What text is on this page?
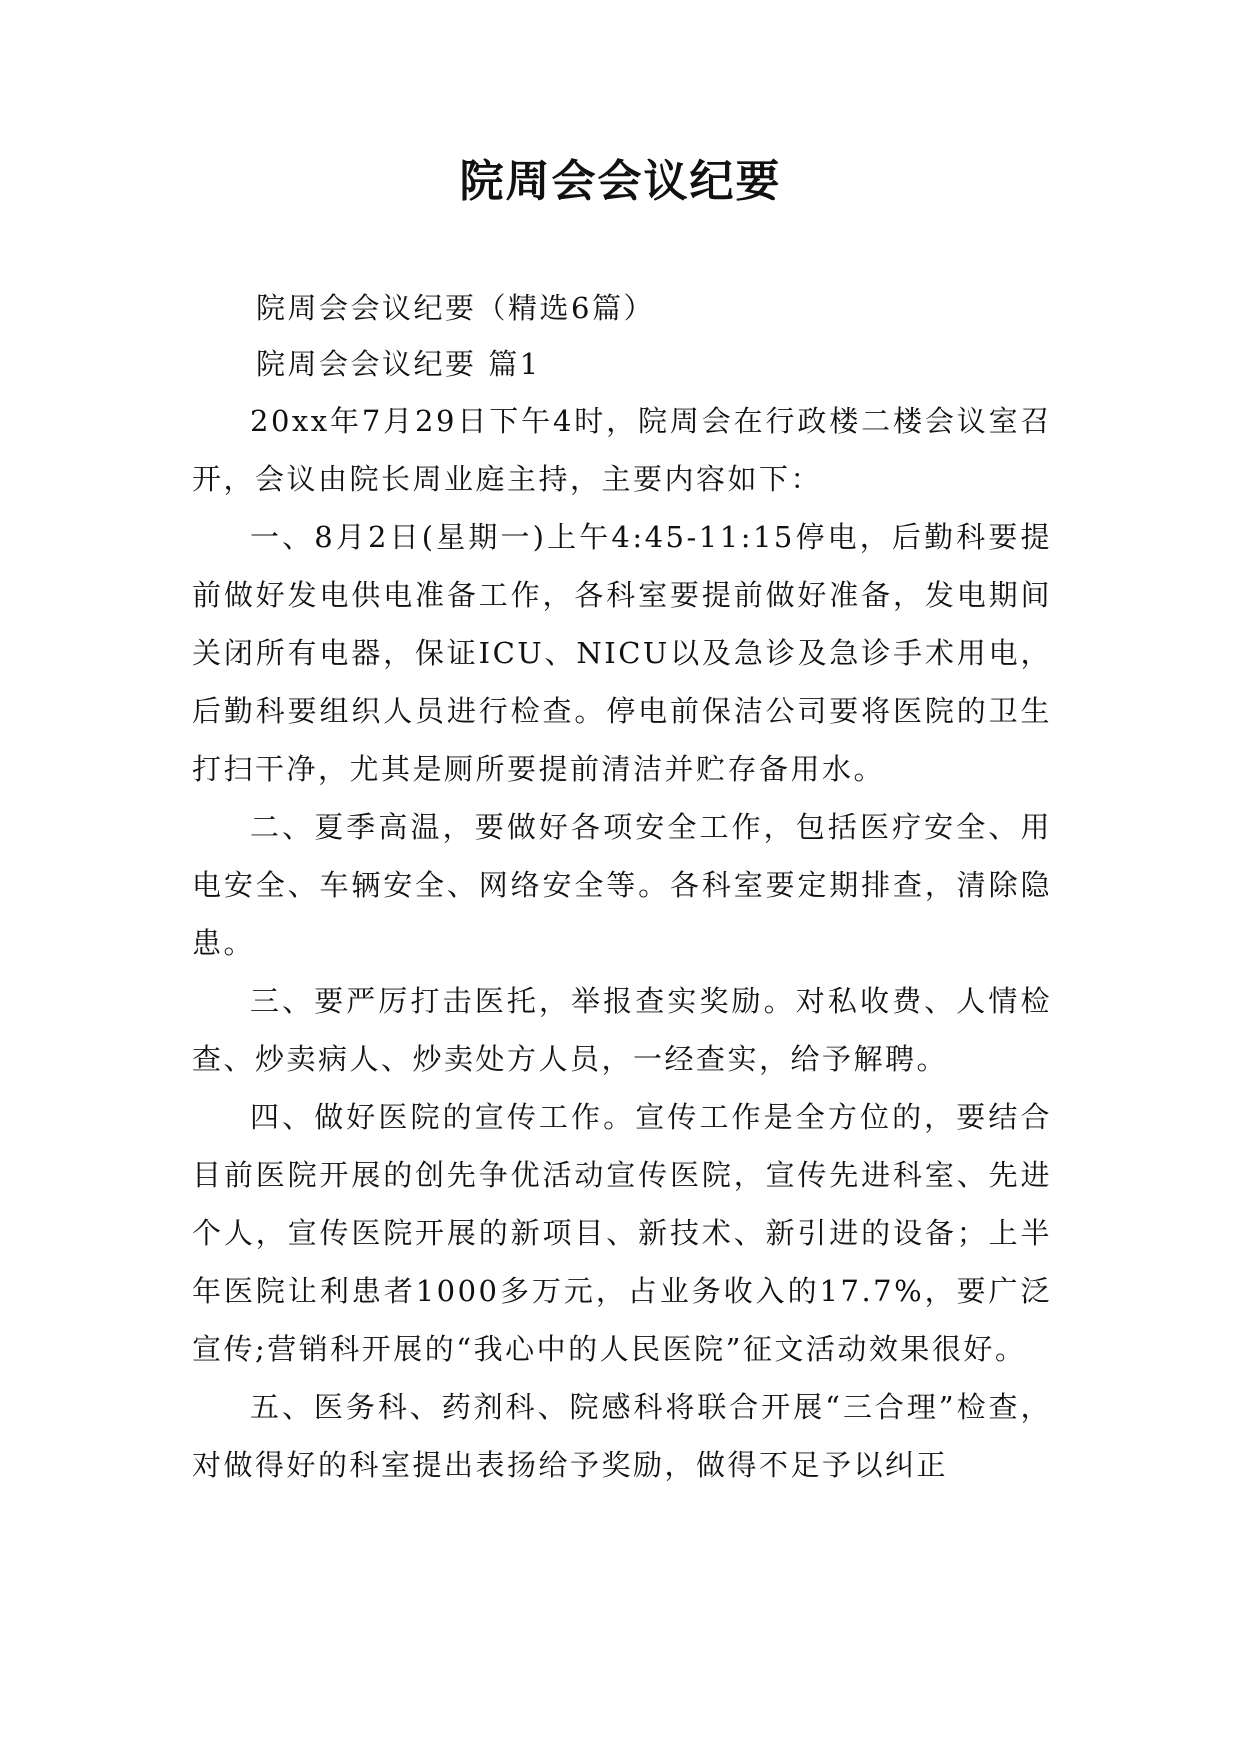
院周会会议纪要

院周会会议纪要（精选6篇）

院周会会议纪要 篇1

20xx年7月29日下午4时，院周会在行政楼二楼会议室召开，会议由院长周业庭主持，主要内容如下：

一、8月2日(星期一)上午4:45-11:15停电，后勤科要提前做好发电供电准备工作，各科室要提前做好准备，发电期间关闭所有电器，保证ICU、NICU以及急诊及急诊手术用电，后勤科要组织人员进行检查。停电前保洁公司要将医院的卫生打扫干净，尤其是厕所要提前清洁并贮存备用水。

二、夏季高温，要做好各项安全工作，包括医疗安全、用电安全、车辆安全、网络安全等。各科室要定期排查，清除隐患。

三、要严厉打击医托，举报查实奖励。对私收费、人情检查、炒卖病人、炒卖处方人员，一经查实，给予解聘。

四、做好医院的宣传工作。宣传工作是全方位的，要结合目前医院开展的创先争优活动宣传医院，宣传先进科室、先进个人，宣传医院开展的新项目、新技术、新引进的设备；上半年医院让利患者1000多万元，占业务收入的17.7%，要广泛宣传;营销科开展的“我心中的人民医院”征文活动效果很好。

五、医务科、药剂科、院感科将联合开展“三合理”检查，对做得好的科室提出表扬给予奖励，做得不足予以纠正
